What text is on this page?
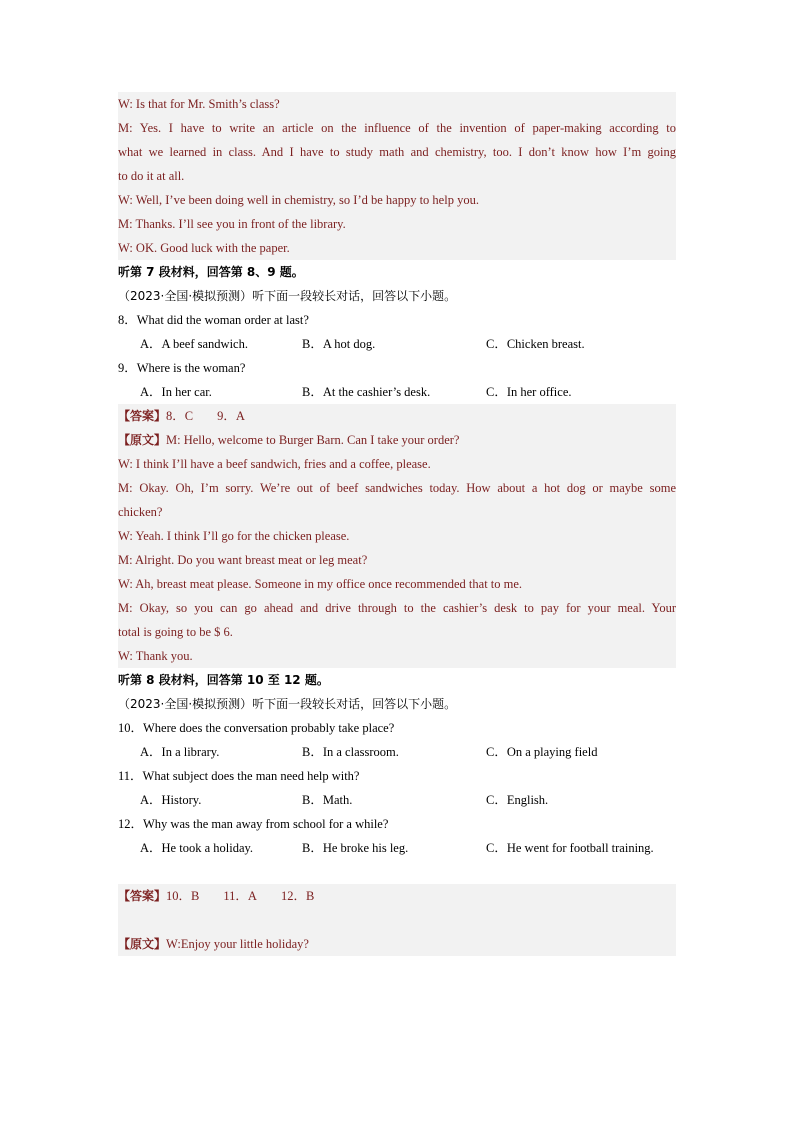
W: Is that for Mr. Smith’s class?
M: Yes. I have to write an article on the influence of the invention of paper-making according to
what we learned in class. And I have to study math and chemistry, too. I don’t know how I’m going
to do it at all.
W: Well, I’ve been doing well in chemistry, so I’d be happy to help you.
M: Thanks. I’ll see you in front of the library.
W: OK. Good luck with the paper.
听第 7 段材料，回答第 8、9 题。
（2023·全国·模拟预测）听下面一段较长对话，回答以下小题。
8．What did the woman order at last?
A．A beef sandwich.	B．A hot dog.	C．Chicken breast.
9．Where is the woman?
A．In her car.	B．At the cashier’s desk.	C．In her office.
【答案】8．C 9．A
【原文】M: Hello, welcome to Burger Barn. Can I take your order?
W: I think I’ll have a beef sandwich, fries and a coffee, please.
M: Okay. Oh, I’m sorry. We’re out of beef sandwiches today. How about a hot dog or maybe some
chicken?
W: Yeah. I think I’ll go for the chicken please.
M: Alright. Do you want breast meat or leg meat?
W: Ah, breast meat please. Someone in my office once recommended that to me.
M: Okay, so you can go ahead and drive through to the cashier’s desk to pay for your meal. Your
total is going to be $ 6.
W: Thank you.
听第 8 段材料，回答第 10 至 12 题。
（2023·全国·模拟预测）听下面一段较长对话，回答以下小题。
10．Where does the conversation probably take place?
A．In a library.	B．In a classroom.	C．On a playing field
11．What subject does the man need help with?
A．History.	B．Math.	C．English.
12．Why was the man away from school for a while?
A．He took a holiday.	B．He broke his leg.	C．He went for football training.
【答案】10．B 11．A 12．B

【原文】W:Enjoy your little holiday?
